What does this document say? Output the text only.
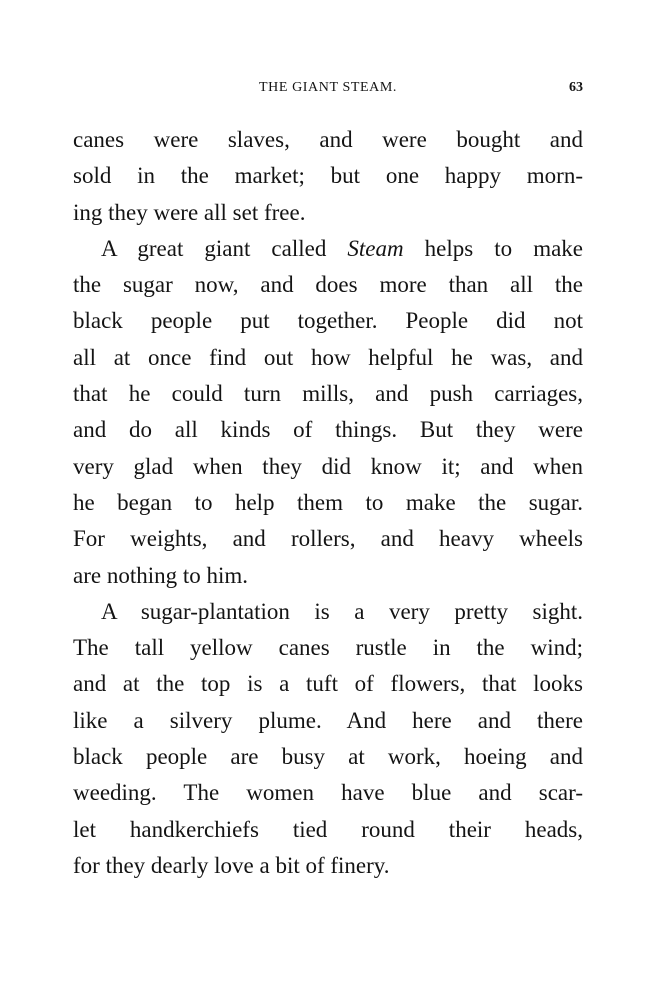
THE GIANT STEAM.	63
canes were slaves, and were bought and
sold in the market; but one happy morn-
ing they were all set free.
A great giant called Steam helps to make
the sugar now, and does more than all the
black people put together. People did not
all at once find out how helpful he was, and
that he could turn mills, and push carriages,
and do all kinds of things. But they were
very glad when they did know it; and when
he began to help them to make the sugar.
For weights, and rollers, and heavy wheels
are nothing to him.
A sugar-plantation is a very pretty sight.
The tall yellow canes rustle in the wind;
and at the top is a tuft of flowers, that looks
like a silvery plume. And here and there
black people are busy at work, hoeing and
weeding. The women have blue and scar-
let handkerchiefs tied round their heads,
for they dearly love a bit of finery.
